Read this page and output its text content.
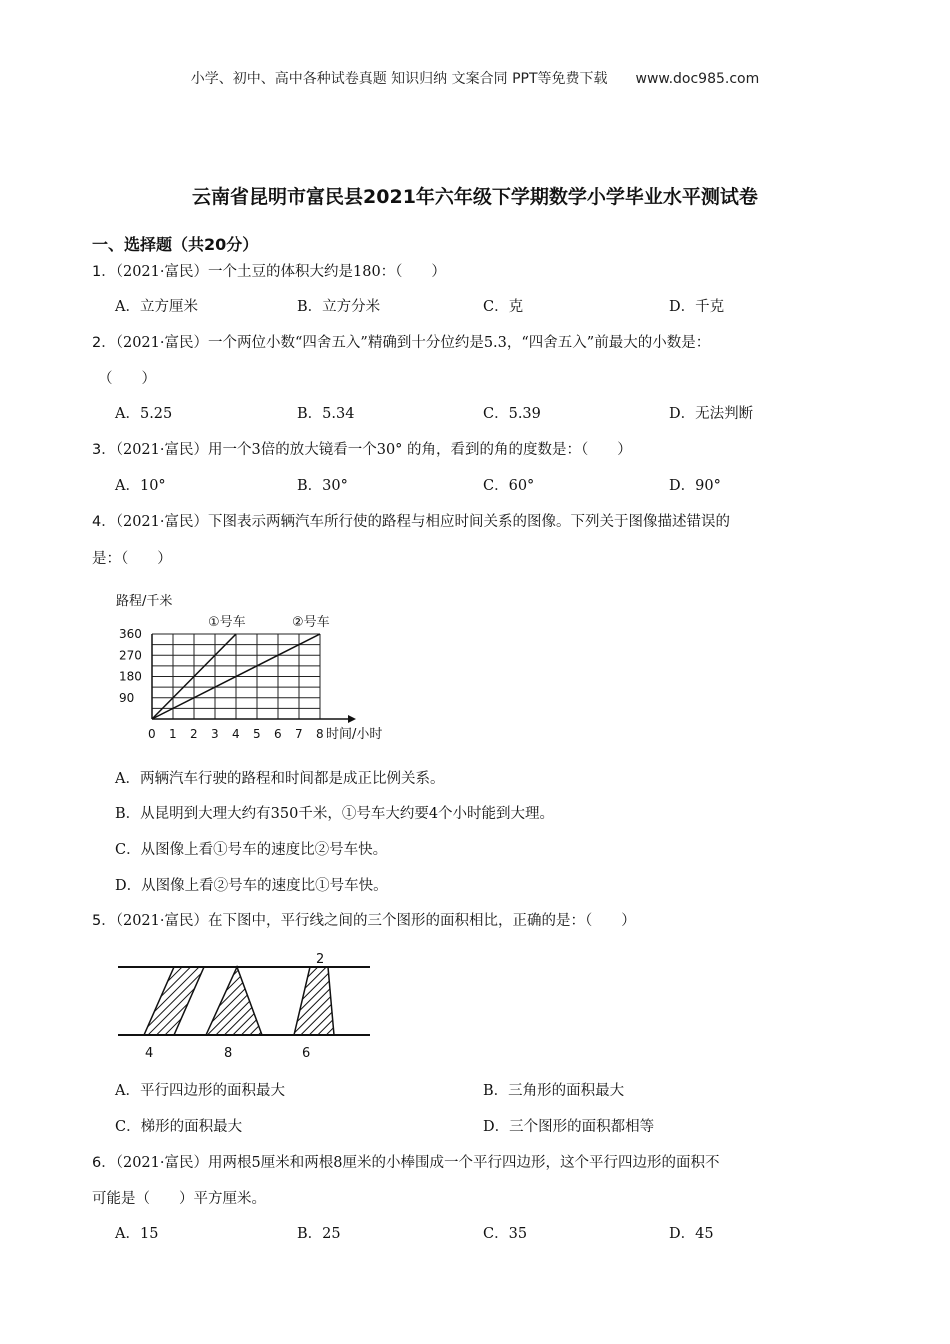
小学、初中、高中各种试卷真题 知识归纳 文案合同 PPT等免费下载 www.doc985.com
云南省昆明市富民县2021年六年级下学期数学小学毕业水平测试卷
一、选择题（共20分）
1．（2021·富民）一个土豆的体积大约是180：（　　）
A．立方厘米	B．立方分米	C．克	D．千克
2．（2021·富民）一个两位小数“四舍五入”精确到十分位约是5.3，“四舍五入”前最大的小数是：
（　　）
A．5.25	B．5.34	C．5.39	D．无法判断
3．（2021·富民）用一个3倍的放大镜看一个30° 的角，看到的角的度数是：（　　）
A．10°	B．30°	C．60°	D．90°
4．（2021·富民）下图表示两辆汽车所行使的路程与相应时间关系的图像。下列关于图像描述错误的
是：（　　）
①号车	②号车
0 1 2 3 4 5 6 7 8
90
180
270
360
路程/千米
时间/小时
A．两辆汽车行驶的路程和时间都是成正比例关系。
B．从昆明到大理大约有350千米，①号车大约要4个小时能到大理。
C．从图像上看①号车的速度比②号车快。
D．从图像上看②号车的速度比①号车快。
5．（2021·富民）在下图中，平行线之间的三个图形的面积相比，正确的是：（　　）
2
4	8	6
A．平行四边形的面积最大	B．三角形的面积最大
C．梯形的面积最大	D．三个图形的面积都相等
6．（2021·富民）用两根5厘米和两根8厘米的小棒围成一个平行四边形，这个平行四边形的面积不
可能是（　　）平方厘米。
A．15	B．25	C．35	D．45
